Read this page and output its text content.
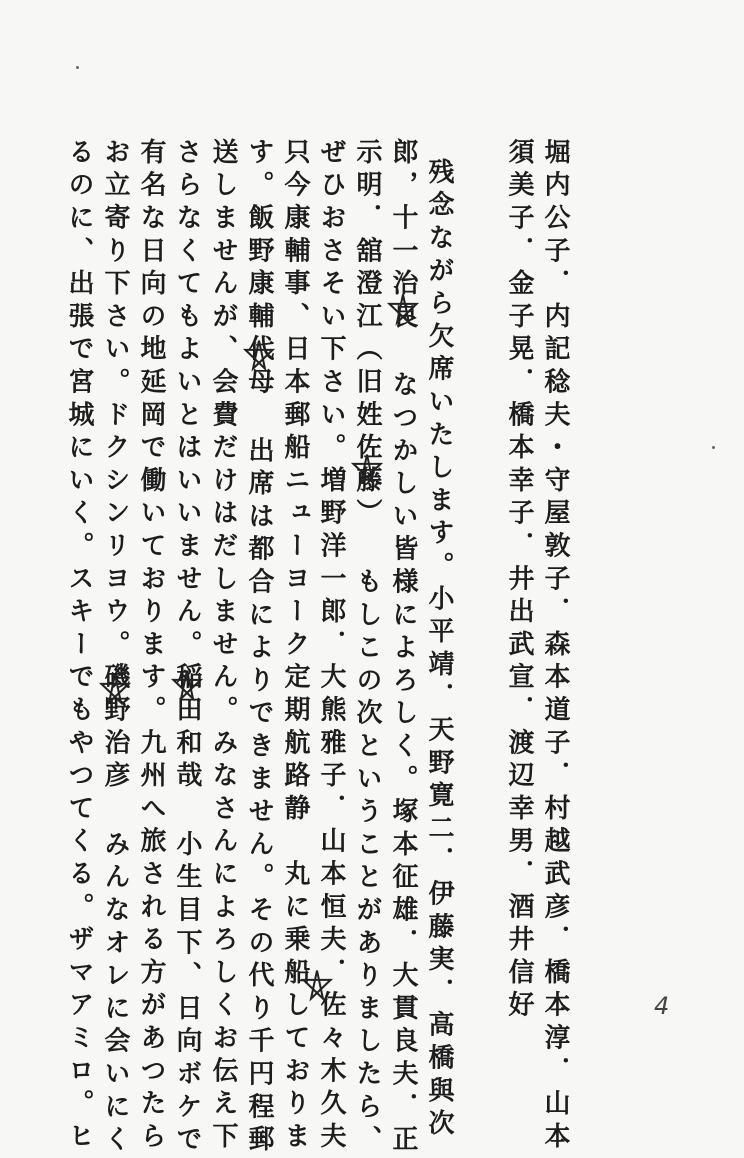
堀内公子．内記稔夫・守屋敦子．森本道子．村越武彦．橋本淳．山本
須美子．金子晃．橋本幸子．井出武宣．渡辺幸男．酒井信好
残念ながら欠席いたします。小平靖．天野寛二．伊藤実．高橋與次
郎，十一治良なつかしい皆様によろしく。塚本征雄．大貫良夫．正
示明．舘澄江（旧姓佐藤）もしこの次ということがありましたら、
ぜひおさそい下さい。増野洋一郎．大熊雅子．山本恒夫．佐々木久夫
只今康輔事、日本郵船ニューヨーク定期航路静　丸に乗船しておりま
す。飯野康輔代母出席は都合によりできません。その代り千円程郵
送しませんが、会費だけはだしません。みなさんによろしくお伝え下
さらなくてもよいとはいいません。稲田和哉小生目下、日向ボケで
有名な日向の地延岡で働いております。九州へ旅される方があつたら
お立寄り下さい。ドクシンリヨウ。磯野治彦みんなオレに会いにく
るのに、出張で宮城にいく。スキーでもやつてくる。ザマアミロ。ヒ	4
